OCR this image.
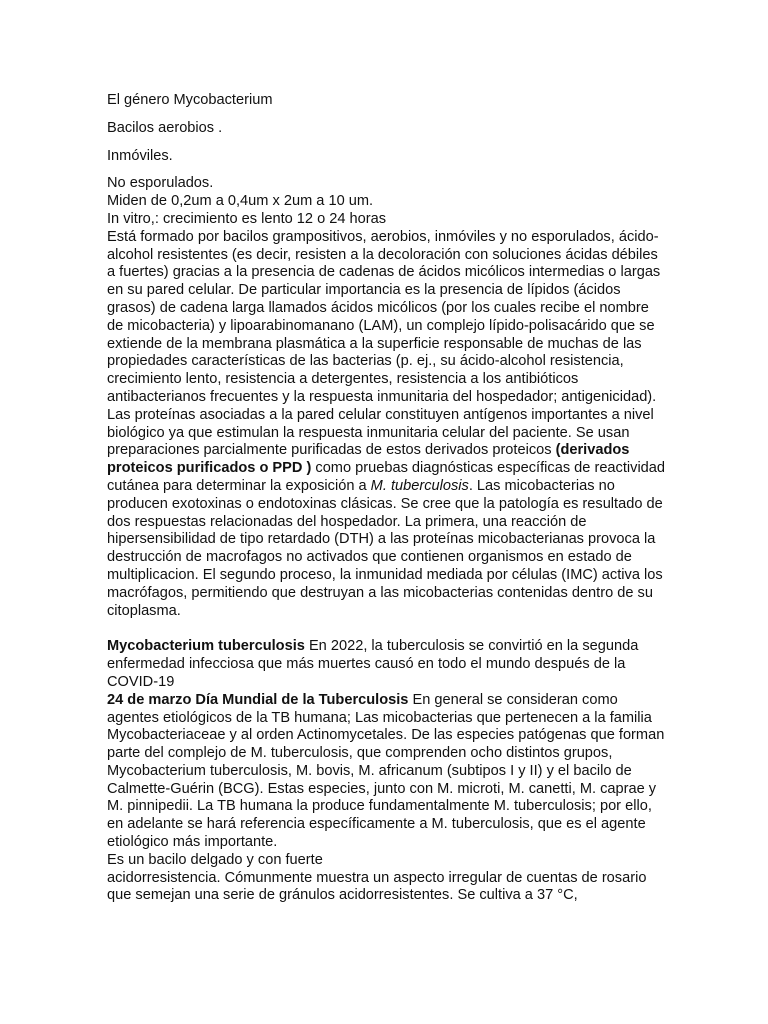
El género Mycobacterium

Bacilos aerobios .

Inmóviles.

No esporulados.
Miden de 0,2um a 0,4um x 2um a 10 um.
In vitro,: crecimiento es lento 12 o 24 horas

Está formado por bacilos grampositivos, aerobios, inmóviles y no esporulados, ácido-alcohol resistentes (es decir, resisten a la decoloración con soluciones ácidas débiles a fuertes) gracias a la presencia de cadenas de ácidos micólicos intermedias o largas en su pared celular. De particular importancia es la presencia de lípidos (ácidos grasos) de cadena larga llamados ácidos micólicos (por los cuales recibe el nombre de micobacteria) y lipoarabinomanano (LAM), un complejo lípido-polisacárido que se extiende de la membrana plasmática a la superficie responsable de muchas de las propiedades características de las bacterias (p. ej., su ácido-alcohol resistencia, crecimiento lento, resistencia a detergentes, resistencia a los antibióticos antibacterianos frecuentes y la respuesta inmunitaria del hospedador; antigenicidad). Las proteínas asociadas a la pared celular constituyen antígenos importantes a nivel biológico ya que estimulan la respuesta inmunitaria celular del paciente. Se usan preparaciones parcialmente purificadas de estos derivados proteicos (derivados proteicos purificados o PPD ) como pruebas diagnósticas específicas de reactividad cutánea para determinar la exposición a M. tuberculosis. Las micobacterias no producen exotoxinas o endotoxinas clásicas. Se cree que la patología es resultado de dos respuestas relacionadas del hospedador. La primera, una reacción de hipersensibilidad de tipo retardado (DTH) a las proteínas micobacterianas provoca la destrucción de macrofagos no activados que contienen organismos en estado de multiplicacion. El segundo proceso, la inmunidad mediada por células (IMC) activa los macrófagos, permitiendo que destruyan a las micobacterias contenidas dentro de su citoplasma.

Mycobacterium tuberculosis En 2022, la tuberculosis se convirtió en la segunda enfermedad infecciosa que más muertes causó en todo el mundo después de la COVID-19

24 de marzo Día Mundial de la Tuberculosis En general se consideran como agentes etiológicos de la TB humana; Las micobacterias que pertenecen a la familia Mycobacteriaceae y al orden Actinomycetales. De las especies patógenas que forman parte del complejo de M. tuberculosis, que comprenden ocho distintos grupos, Mycobacterium tuberculosis, M. bovis, M. africanum (subtipos I y II) y el bacilo de Calmette-Guérin (BCG). Estas especies, junto con M. microti, M. canetti, M. caprae y M. pinnipedii. La TB humana la produce fundamentalmente M. tuberculosis; por ello, en adelante se hará referencia específicamente a M. tuberculosis, que es el agente etiológico más importante.

Es un bacilo delgado y con fuerte
acidorresistencia. Cómunmente muestra un aspecto irregular de cuentas de rosario que semejan una serie de gránulos acidorresistentes. Se cultiva a 37 °C,
